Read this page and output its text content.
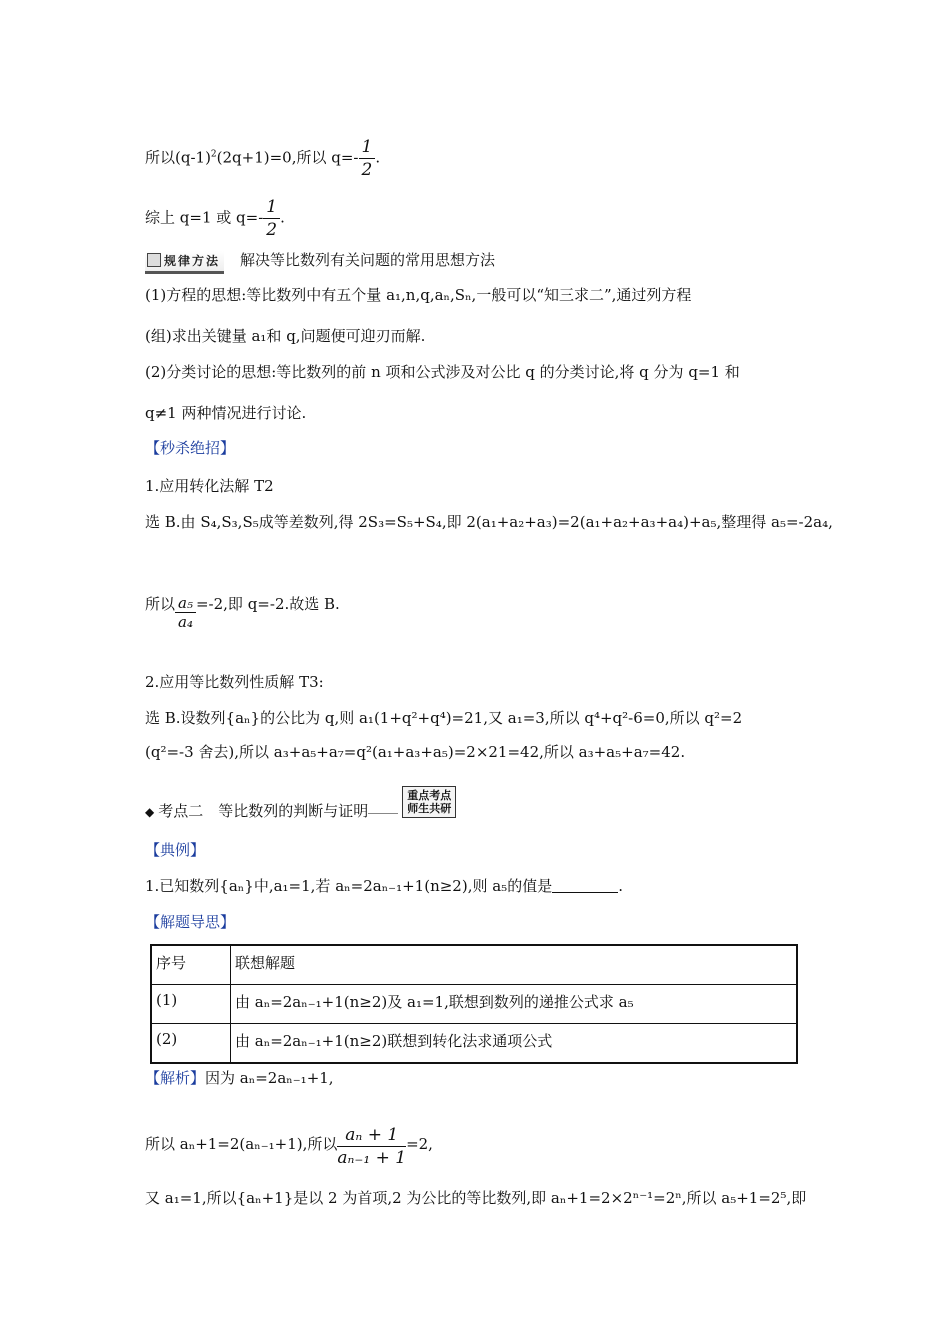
所以$(q-1)^2(2q+1)=0$,所以 $q=- \frac{1}{2}$ .
综上 q=1 或 $q=- \frac{1}{2}$ .
规律方法 解决等比数列有关问题的常用思想方法
(1)方程的思想:等比数列中有五个量 a₁,n,q,aₙ,Sₙ,一般可以“知三求二”,通过列方程
(组)求出关键量 a₁和 q,问题便可迎刃而解.
(2)分类讨论的思想:等比数列的前 n 项和公式涉及对公比 q 的分类讨论,将 q 分为 q=1 和
q≠1 两种情况进行讨论.
【秒杀绝招】
1.应用转化法解 T2
选 B.由 S₄,S₃,S₅成等差数列,得 2S₃=S₅+S₄,即 2(a₁+a₂+a₃)=2(a₁+a₂+a₃+a₄)+a₅,整理得 a₅=-2a₄,
所以 $\frac{\text{a₅}}{\text{a₄}} =-2$,即 q=-2.故选 B.
2.应用等比数列性质解 T3:
选 B.设数列{aₙ}的公比为 q,则 a₁(1+q²+q⁴)=21,又 a₁=3,所以 q⁴+q²-6=0,所以 q²=2
(q²=-3 舍去),所以 a₃+a₅+a₇=q²(a₁+a₃+a₅)=2×21=42,所以 a₃+a₅+a₇=42.
◆ 考点二　等比数列的判断与证明重点考点
师生共研
【典例】
1.已知数列{aₙ}中,a₁=1,若 aₙ=2aₙ₋₁+1(n≥2),则 a₅的值是	.
【解题导思】
序号	联想解题
(1)	由 aₙ=2aₙ₋₁+1(n≥2)及 a₁=1,联想到数列的递推公式求 a₅
(2)	由 aₙ=2aₙ₋₁+1(n≥2)联想到转化法求通项公式
【解析】因为 aₙ=2aₙ₋₁+1,
所以 aₙ+1=2(aₙ₋₁+1),所以 $\frac{\text{aₙ + 1}}{\text{aₙ₋₁ + 1}} =2$,
又 a₁=1,所以{aₙ+1}是以 2 为首项,2 为公比的等比数列,即 aₙ+1=2×2ⁿ⁻¹=2ⁿ,所以 a₅+1=2⁵,即
